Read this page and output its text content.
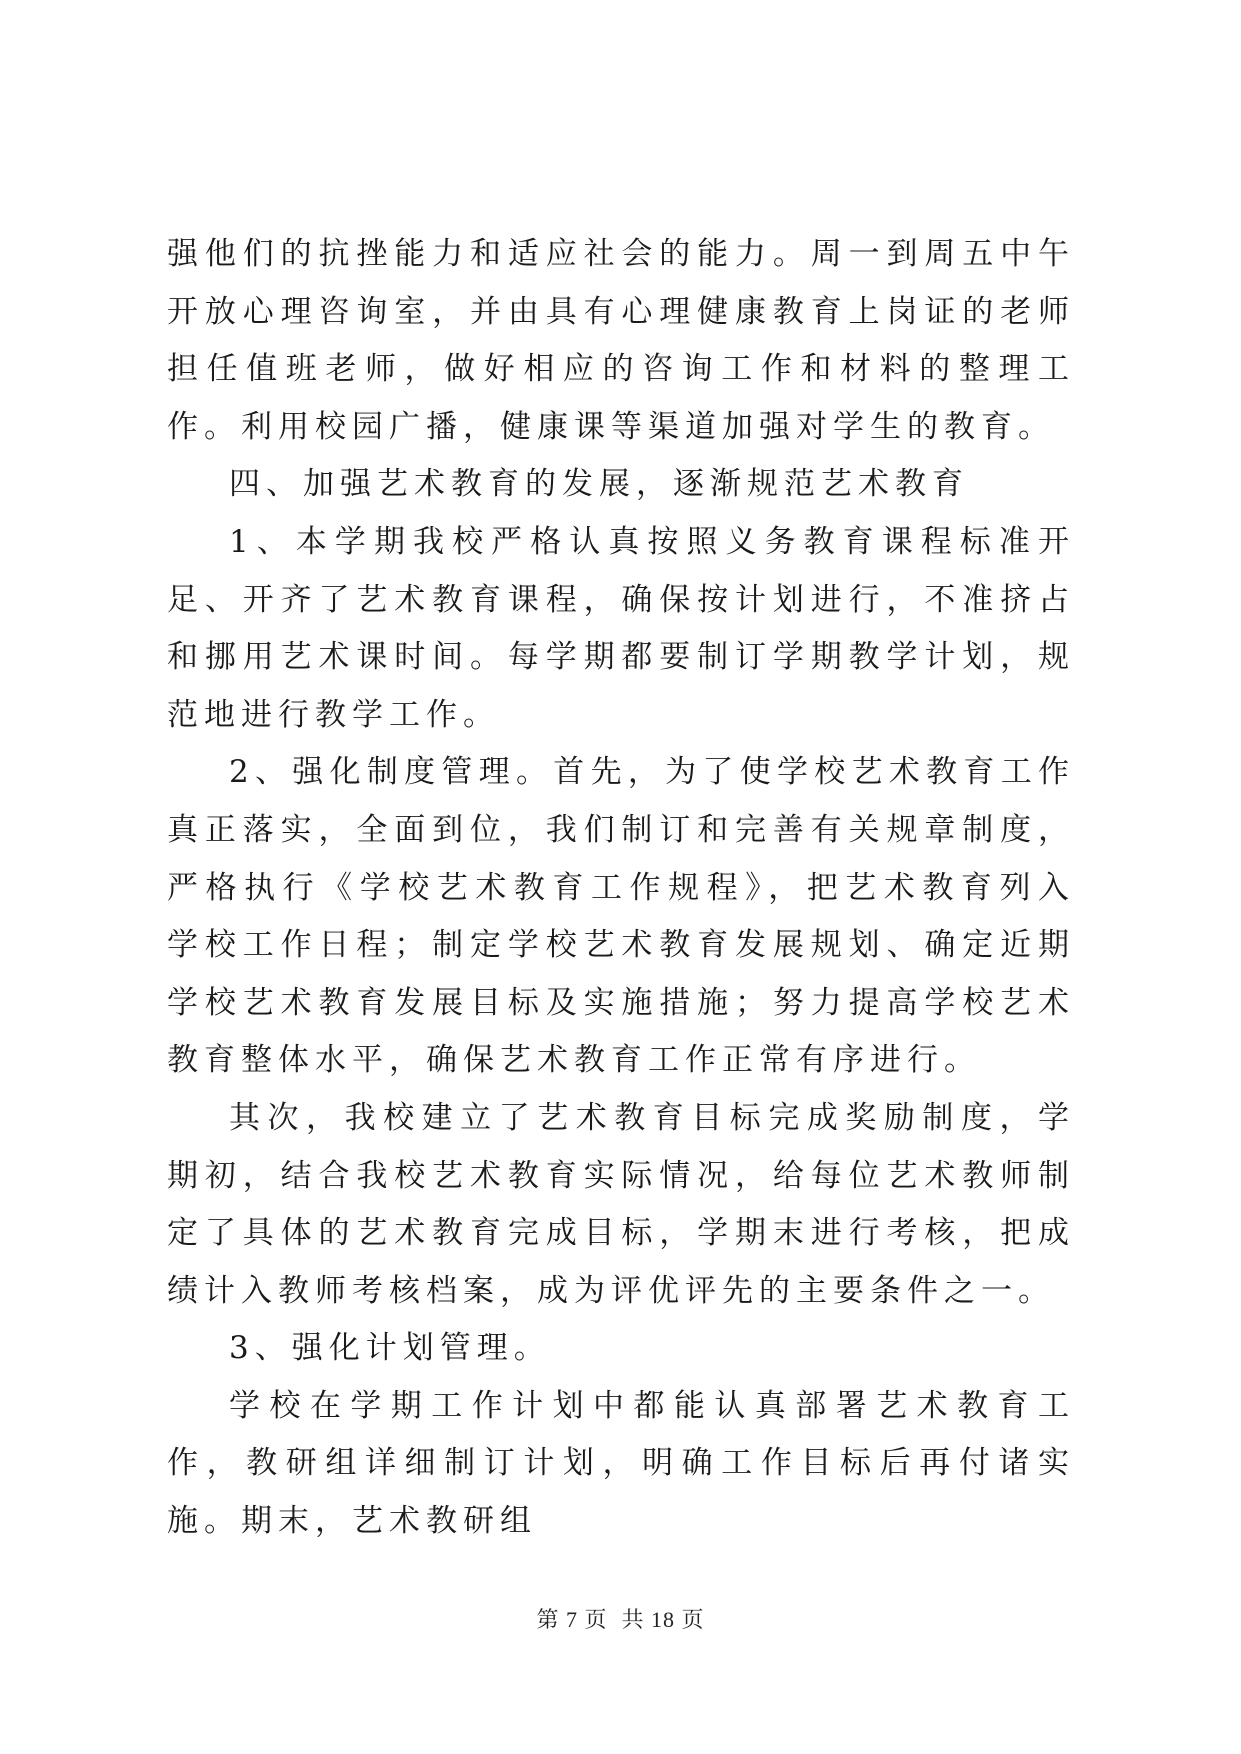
强他们的抗挫能力和适应社会的能力。周一到周五中午开放心理咨询室，并由具有心理健康教育上岗证的老师担任值班老师，做好相应的咨询工作和材料的整理工作。利用校园广播，健康课等渠道加强对学生的教育。

四、加强艺术教育的发展，逐渐规范艺术教育

1、本学期我校严格认真按照义务教育课程标准开足、开齐了艺术教育课程，确保按计划进行，不准挤占和挪用艺术课时间。每学期都要制订学期教学计划，规范地进行教学工作。

2、强化制度管理。首先，为了使学校艺术教育工作真正落实，全面到位，我们制订和完善有关规章制度，严格执行《学校艺术教育工作规程》，把艺术教育列入学校工作日程；制定学校艺术教育发展规划、确定近期学校艺术教育发展目标及实施措施；努力提高学校艺术教育整体水平，确保艺术教育工作正常有序进行。

其次，我校建立了艺术教育目标完成奖励制度，学期初，结合我校艺术教育实际情况，给每位艺术教师制定了具体的艺术教育完成目标，学期末进行考核，把成绩计入教师考核档案，成为评优评先的主要条件之一。

3、强化计划管理。

学校在学期工作计划中都能认真部署艺术教育工作，教研组详细制订计划，明确工作目标后再付诸实施。期末，艺术教研组

第 7 页 共 18 页
